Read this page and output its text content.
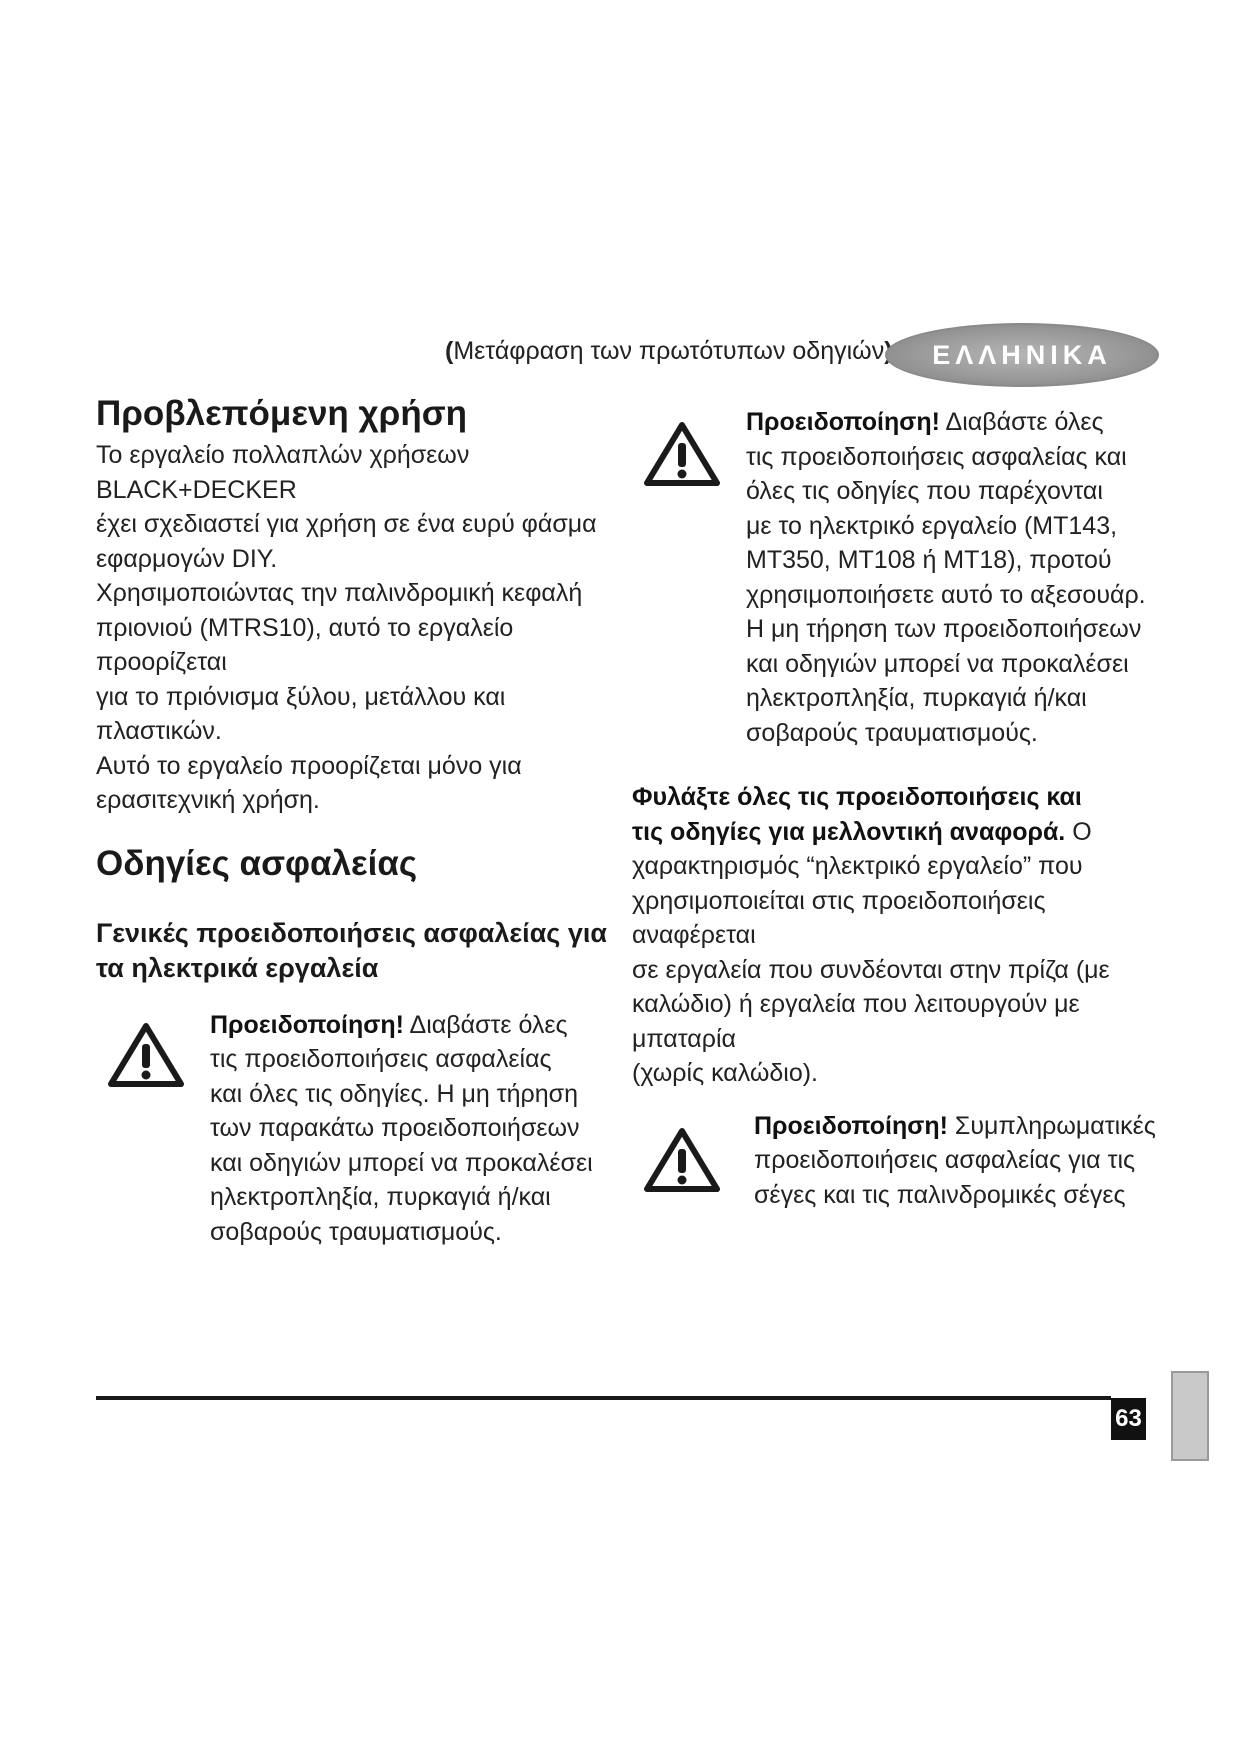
(Μετάφραση των πρωτότυπων οδηγιών ΕΛΛΗΝΙΚΑ
Προβλεπόμενη χρήση

Το εργαλείο πολλαπλών χρήσεων BLACK+DECKER

έχει σχεδιαστεί για χρήση σε ένα ευρύ φάσμα

εφαρμογών DIY.

Χρησιμοποιώντας την παλινδρομική κεφαλή

πριονιού (MTRS10), αυτό το εργαλείο προορίζεται

για το πριόνισμα ξύλου, μετάλλου και πλαστικών.

Αυτό το εργαλείο προορίζεται μόνο για

ερασιτεχνική χρήση.

Οδηγίες ασφαλείας
Γενικές προειδοποιήσεις ασφαλείας για
τα ηλεκτρικά εργαλεία

Προειδοποίηση! Διαβάστε όλες

τις προειδοποιήσεις ασφαλείας

και όλες τις οδηγίες. Η μη τήρηση

των παρακάτω προειδοποιήσεων

και οδηγιών μπορεί να προκαλέσει

ηλεκτροπληξία, πυρκαγιά ή/και

σοβαρούς τραυματισμούς.

Προειδοποίηση! Διαβάστε όλες

τις προειδοποιήσεις ασφαλείας και

όλες τις οδηγίες που παρέχονται

με το ηλεκτρικό εργαλείο (MT143,

MT350, MT108 ή MT18), προτού

χρησιμοποιήσετε αυτό το αξεσουάρ.

Η μη τήρηση των προειδοποιήσεων

και οδηγιών μπορεί να προκαλέσει

ηλεκτροπληξία, πυρκαγιά ή/και

σοβαρούς τραυματισμούς.

Φυλάξτε όλες τις προειδοποιήσεις και

τις οδηγίες για μελλοντική αναφορά. Ο

χαρακτηρισμός “ηλεκτρικό εργαλείο” που

χρησιμοποιείται στις προειδοποιήσεις αναφέρεται

σε εργαλεία που συνδέονται στην πρίζα (με

καλώδιο) ή εργαλεία που λειτουργούν με μπαταρία

(χωρίς καλώδιο).

Προειδοποίηση! Συμπληρωματικές

προειδοποιήσεις ασφαλείας για τις

σέγες και τις παλινδρομικές σέγες

63
